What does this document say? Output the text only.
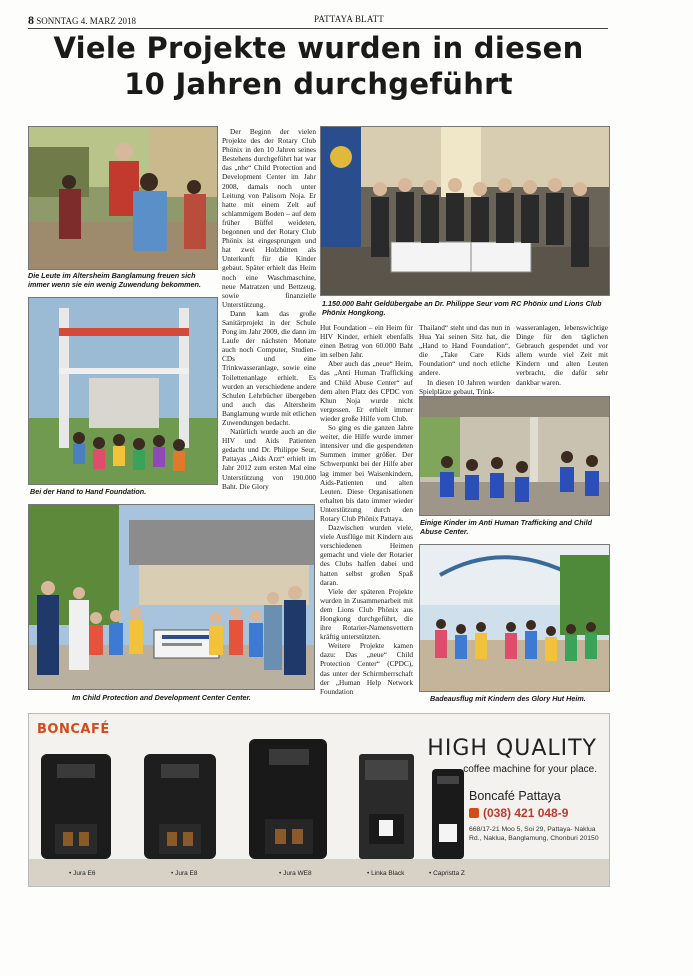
8 SONNTAG 4. MARZ 2018	PATTAYA BLATT
Viele Projekte wurden in diesen
10 Jahren durchgeführt
Die Leute im Altersheim Banglamung freuen sich immer wenn sie ein wenig Zuwendung bekommen.
Bei der Hand to Hand Foundation.

Der Beginn der vielen Projekte des der Rotary Club Phönix in den 10 Jahren seines Bestehens durchgeführt hat war das „nhe“ Child Protection and Development Center im Jahr 2008, damals noch unter Leitung von Palisorn Noja. Er hatte mit einem Zelt auf schlammigem Boden – auf dem früher Büffel weideten, begonnen und der Rotary Club Phönix ist eingesprungen und hat zwei Holzhütten als Unterkunft für die Kinder gebaut. Später erhielt das Heim noch eine Waschmaschine, neue Matratzen und Bettzeug, sowie finanzielle Unterstützung.

Dann kam das große Sanitärprojekt in der Schule Pong im Jahr 2009, die dann im Laufe der nächsten Monate auch noch Computer, Studien-CDs und eine Trinkwasseranlage, sowie eine Toilettenanlage erhielt. Es wurden an verschiedene andere Schulen Lehrbücher übergeben und auch das Altersheim Banglamung wurde mit etlichen Zuwendungen bedacht.

Natürlich wurde auch an die HIV und Aids Patienten gedacht und Dr. Philippe Seur, Pattayas „Aids Arzt“ erhielt im Jahr 2012 zum ersten Mal eine Unterstützung von 190.000 Baht. Die Glory

1.150.000 Baht Geldübergabe an Dr. Philippe Seur vom RC Phönix und Lions Club Phönix Hongkong.

Hut Foundation – ein Heim für HIV Kinder, erhielt ebenfalls einen Betrag von 60.000 Baht im selben Jahr.

Aber auch das „neue“ Heim, das „Anti Human Trafficking and Child Abuse Center“ auf dem alten Platz des CPDC von Khun Noja wurde nicht vergessen. Er erhielt immer wieder große Hilfe vom Club.

So ging es die ganzen Jahre weiter, die Hilfe wurde immer intensiver und die gespendeten Summen immer größer. Der Schwerpunkt bei der Hilfe aber lag immer bei Waisenkindern, Aids-Patienten und alten Leuten. Diese Organisationen erhalten bis dato immer wieder Unterstützung durch den Rotary Club Phönix Pattaya.

Dazwischen wurden viele, viele Ausflüge mit Kindern aus verschiedenen Heimen gemacht und viele der Rotarier des Clubs halfen dabei und hatten selbst großen Spaß daran.

Viele der späteren Projekte wurden in Zusammenarbeit mit dem Lions Club Phönix aus Hongkong durchgeführt, die ihre Rotarier-Namensvettern kräftig unterstützten.

Weitere Projekte kamen dazu: Das „neue“ Child Protection Center“ (CPDC), das unter der Schirmherrschaft der „Human Help Network Foundation

Thailand“ steht und das nun in Hua Yai seinen Sitz hat, die „Hand to Hand Foundation“, die „Take Care Kids Foundation“ und noch etliche andere.

In diesen 10 Jahren wurden Spielplätze gebaut, Trink-

wasseranlagen, lebenswichtige Dinge für den täglichen Gebrauch gespendet und vor allem wurde viel Zeit mit Kindern und alten Leuten verbracht, die dafür sehr dankbar waren.

Einige Kinder im Anti Human Trafficking and Child Abuse Center.
Im Child Protection and Development Center Center.	Badeausflug mit Kindern des Glory Hut Heim.
BONCAFÉ
HIGH QUALITY
coffee machine for your place.
Boncafé Pattaya
(038) 421 048-9
668/17-21 Moo 5, Soi 29, Pattaya- Naklua Rd., Naklua, Banglamung, Chonburi 20150
• Jura E6	• Jura E8	• Jura WE8	• Linka Black	• Capristta Z
